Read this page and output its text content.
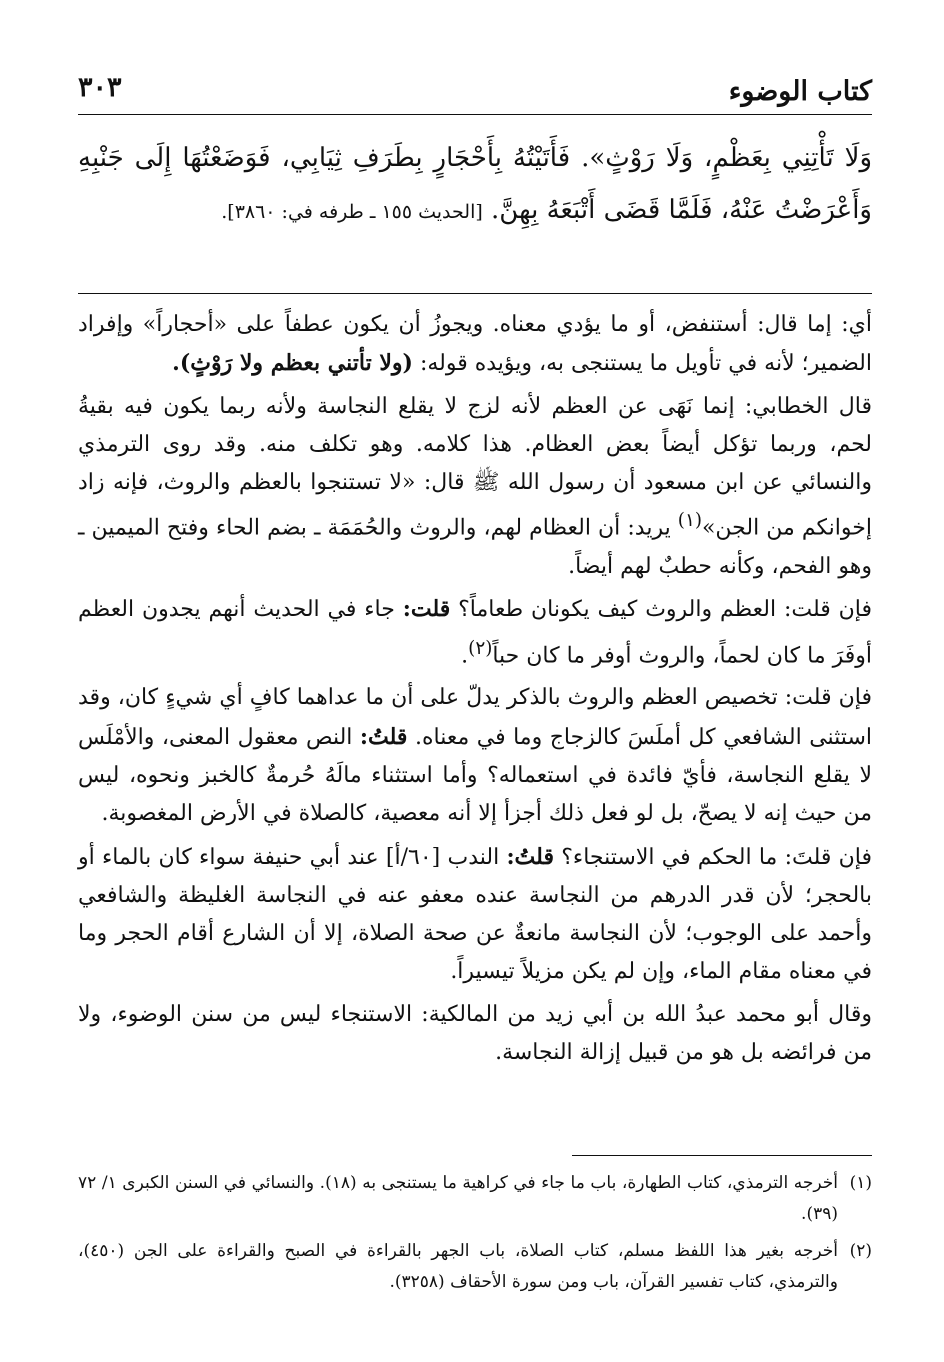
كتاب الوضوء
٣٠٣
وَلَا تَأْتِنِي بِعَظْمٍ، وَلَا رَوْثٍ». فَأَتَيْتُهُ بِأَحْجَارٍ بِطَرَفِ ثِيَابِي، فَوَضَعْتُهَا إِلَى جَنْبِهِ وَأَعْرَضْتُ عَنْهُ، فَلَمَّا قَضَى أَتْبَعَهُ بِهِنَّ. [الحديث ١٥٥ ـ طرفه في: ٣٨٦٠].

أي: إما قال: أستنفض، أو ما يؤدي معناه. ويجوزُ أن يكون عطفاً على «أحجاراً» وإفراد الضمير؛ لأنه في تأويل ما يستنجى به، ويؤيده قوله: (ولا تأتني بعظم ولا رَوْثٍ).

قال الخطابي: إنما نَهَى عن العظم لأنه لزج لا يقلع النجاسة ولأنه ربما يكون فيه بقيةُ لحم، وربما تؤكل أيضاً بعض العظام. هذا كلامه. وهو تكلف منه. وقد روى الترمذي والنسائي عن ابن مسعود أن رسول الله ﷺ قال: «لا تستنجوا بالعظم والروث، فإنه زاد إخوانكم من الجن»$^{(١)}$ يريد: أن العظام لهم، والروث والحُمَمَة ـ بضم الحاء وفتح الميمين ـ وهو الفحم، وكأنه حطبٌ لهم أيضاً.

فإن قلت: العظم والروث كيف يكونان طعاماً؟ قلت: جاء في الحديث أنهم يجدون العظم أوفَرَ ما كان لحماً، والروث أوفر ما كان حباً$^{(٢)}$.

فإن قلت: تخصيص العظم والروث بالذكر يدلّ على أن ما عداهما كافٍ أي شيءٍ كان، وقد استثنى الشافعي كل أملَسَ كالزجاج وما في معناه. قلتُ: النص معقول المعنى، والأمْلَس لا يقلع النجاسة، فأيّ فائدة في استعماله؟ وأما استثناء مالَهُ حُرمةٌ كالخبز ونحوه، ليس من حيث إنه لا يصحّ، بل لو فعل ذلك أجزأ إلا أنه معصية، كالصلاة في الأرض المغصوبة.

فإن قلتَ: ما الحكم في الاستنجاء؟ قلتُ: الندب [٦٠/أ] عند أبي حنيفة سواء كان بالماء أو بالحجر؛ لأن قدر الدرهم من النجاسة عنده معفو عنه في النجاسة الغليظة والشافعي وأحمد على الوجوب؛ لأن النجاسة مانعةٌ عن صحة الصلاة، إلا أن الشارع أقام الحجر وما في معناه مقام الماء، وإن لم يكن مزيلاً تيسيراً.

وقال أبو محمد عبدُ الله بن أبي زيد من المالكية: الاستنجاء ليس من سنن الوضوء، ولا من فرائضه بل هو من قبيل إزالة النجاسة.

(١)
أخرجه الترمذي، كتاب الطهارة، باب ما جاء في كراهية ما يستنجى به (١٨). والنسائي في السنن الكبرى ١/ ٧٢ (٣٩).
(٢)
أخرجه بغير هذا اللفظ مسلم، كتاب الصلاة، باب الجهر بالقراءة في الصبح والقراءة على الجن (٤٥٠)، والترمذي، كتاب تفسير القرآن، باب ومن سورة الأحقاف (٣٢٥٨).
